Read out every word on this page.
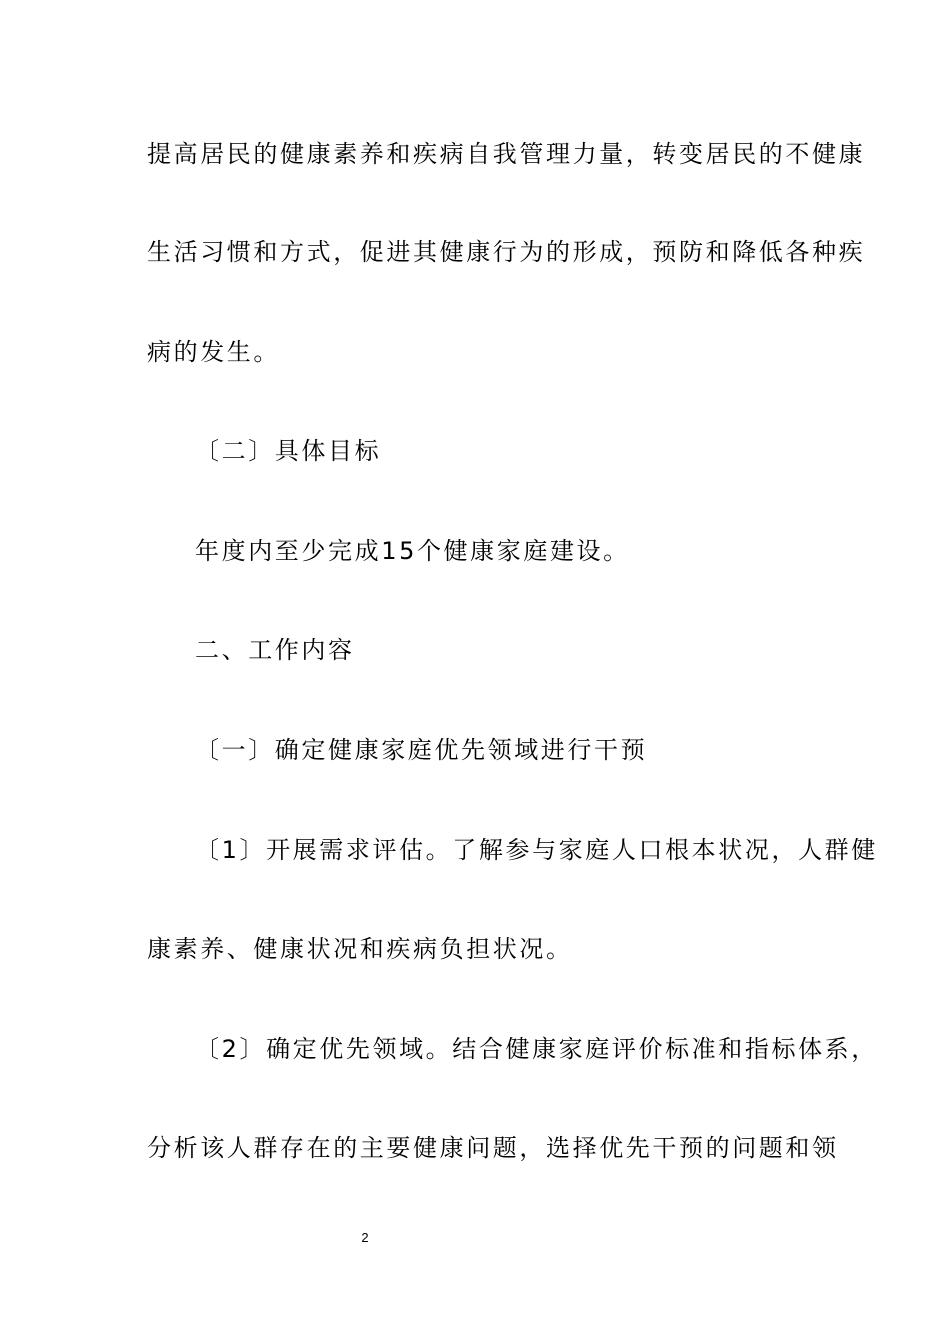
提高居民的健康素养和疾病自我管理力量，转变居民的不健康
生活习惯和方式，促进其健康行为的形成，预防和降低各种疾
病的发生。
〔二〕具体目标
年度内至少完成15个健康家庭建设。
二、工作内容
〔一〕确定健康家庭优先领域进行干预
〔1〕开展需求评估。了解参与家庭人口根本状况，人群健
康素养、健康状况和疾病负担状况。
〔2〕确定优先领域。结合健康家庭评价标准和指标体系，
分析该人群存在的主要健康问题，选择优先干预的问题和领
2
